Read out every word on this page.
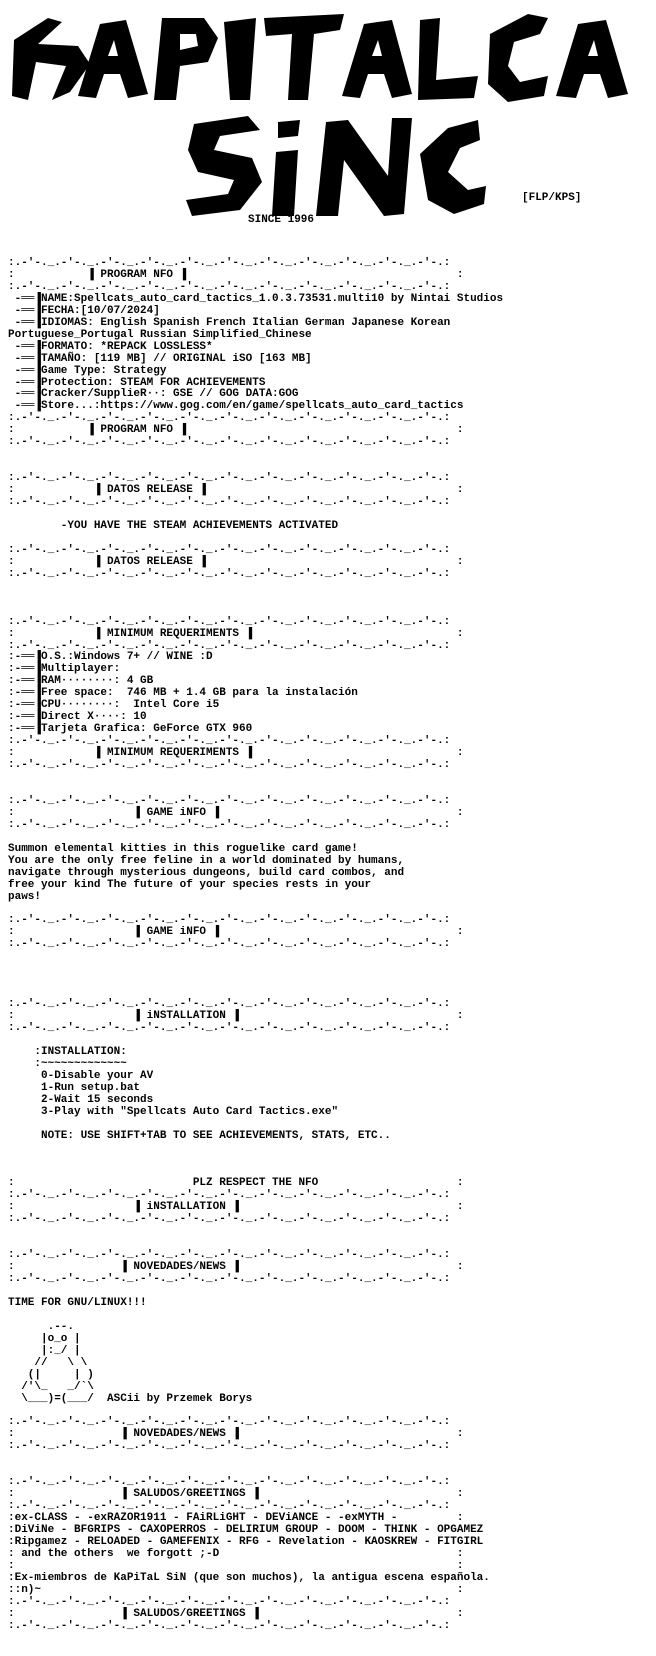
[FLP/KPS]
SINCE 1996
:.-'-._.-'-._.-'-._.-'-._.-'-._.-'-._.-'-._.-'-._.-'-._.-'-._.-'-.:
:           ▐ PROGRAM NFO ▐                                         :
:.-'-._.-'-._.-'-._.-'-._.-'-._.-'-._.-'-._.-'-._.-'-._.-'-._.-'-.:
-══▐NAME:Spellcats_auto_card_tactics_1.0.3.73531.multi10 by Nintai Studios
-══▐FECHA:[10/07/2024]
-══▐IDIOMAS: English Spanish French Italian German Japanese Korean
Portuguese_Portugal Russian Simplified_Chinese
-══▐FORMATO: *REPACK LOSSLESS*
-══▐TAMAÑO: [119 MB] // ORIGINAL iSO [163 MB]
-══▐Game Type: Strategy
-══▐Protection: STEAM FOR ACHIEVEMENTS
-══▐Cracker/SupplieR··: GSE // GOG DATA:GOG
-══▐Store...:https://www.gog.com/en/game/spellcats_auto_card_tactics
:.-'-._.-'-._.-'-._.-'-._.-'-._.-'-._.-'-._.-'-._.-'-._.-'-._.-'-.:
:           ▐ PROGRAM NFO ▐                                         :
:.-'-._.-'-._.-'-._.-'-._.-'-._.-'-._.-'-._.-'-._.-'-._.-'-._.-'-.:

:.-'-._.-'-._.-'-._.-'-._.-'-._.-'-._.-'-._.-'-._.-'-._.-'-._.-'-.:
:            ▐ DATOS RELEASE ▐                                      :
:.-'-._.-'-._.-'-._.-'-._.-'-._.-'-._.-'-._.-'-._.-'-._.-'-._.-'-.:

-YOU HAVE THE STEAM ACHIEVEMENTS ACTIVATED

:.-'-._.-'-._.-'-._.-'-._.-'-._.-'-._.-'-._.-'-._.-'-._.-'-._.-'-.:
:            ▐ DATOS RELEASE ▐                                      :
:.-'-._.-'-._.-'-._.-'-._.-'-._.-'-._.-'-._.-'-._.-'-._.-'-._.-'-.:

:.-'-._.-'-._.-'-._.-'-._.-'-._.-'-._.-'-._.-'-._.-'-._.-'-._.-'-.:
:            ▐ MINIMUM REQUERIMENTS ▐                               :
:.-'-._.-'-._.-'-._.-'-._.-'-._.-'-._.-'-._.-'-._.-'-._.-'-._.-'-.:
:-══▐O.S.:Windows 7+ // WINE :D
:-══▐Multiplayer:
:-══▐RAM········: 4 GB
:-══▐Free space:  746 MB + 1.4 GB para la instalación
:-══▐CPU········:  Intel Core i5
:-══▐Direct X····: 10
:-══▐Tarjeta Grafica: GeForce GTX 960
:.-'-._.-'-._.-'-._.-'-._.-'-._.-'-._.-'-._.-'-._.-'-._.-'-._.-'-.:
:            ▐ MINIMUM REQUERIMENTS ▐                               :
:.-'-._.-'-._.-'-._.-'-._.-'-._.-'-._.-'-._.-'-._.-'-._.-'-._.-'-.:

:.-'-._.-'-._.-'-._.-'-._.-'-._.-'-._.-'-._.-'-._.-'-._.-'-._.-'-.:
:                  ▐ GAME iNFO ▐                                    :
:.-'-._.-'-._.-'-._.-'-._.-'-._.-'-._.-'-._.-'-._.-'-._.-'-._.-'-.:

Summon elemental kitties in this roguelike card game!
You are the only free feline in a world dominated by humans,
navigate through mysterious dungeons, build card combos, and
free your kind The future of your species rests in your
paws!

:.-'-._.-'-._.-'-._.-'-._.-'-._.-'-._.-'-._.-'-._.-'-._.-'-._.-'-.:
:                  ▐ GAME iNFO ▐                                    :
:.-'-._.-'-._.-'-._.-'-._.-'-._.-'-._.-'-._.-'-._.-'-._.-'-._.-'-.:

:.-'-._.-'-._.-'-._.-'-._.-'-._.-'-._.-'-._.-'-._.-'-._.-'-._.-'-.:
:                  ▐ iNSTALLATION ▐                                 :
:.-'-._.-'-._.-'-._.-'-._.-'-._.-'-._.-'-._.-'-._.-'-._.-'-._.-'-.:

:INSTALLATION:
:~~~~~~~~~~~~~
0-Disable your AV
1-Run setup.bat
2-Wait 15 seconds
3-Play with "Spellcats Auto Card Tactics.exe"

NOTE: USE SHIFT+TAB TO SEE ACHIEVEMENTS, STATS, ETC..

:                           PLZ RESPECT THE NFO                     :
:.-'-._.-'-._.-'-._.-'-._.-'-._.-'-._.-'-._.-'-._.-'-._.-'-._.-'-.:
:                  ▐ iNSTALLATION ▐                                 :
:.-'-._.-'-._.-'-._.-'-._.-'-._.-'-._.-'-._.-'-._.-'-._.-'-._.-'-.:

:.-'-._.-'-._.-'-._.-'-._.-'-._.-'-._.-'-._.-'-._.-'-._.-'-._.-'-.:
:                ▐ NOVEDADES/NEWS ▐                                 :
:.-'-._.-'-._.-'-._.-'-._.-'-._.-'-._.-'-._.-'-._.-'-._.-'-._.-'-.:

TIME FOR GNU/LINUX!!!

.--.
|o_o |
|:_/ |
//   \ \
(|     | )
/'\_   _/`\
\___)=(___/  ASCii by Przemek Borys

:.-'-._.-'-._.-'-._.-'-._.-'-._.-'-._.-'-._.-'-._.-'-._.-'-._.-'-.:
:                ▐ NOVEDADES/NEWS ▐                                 :
:.-'-._.-'-._.-'-._.-'-._.-'-._.-'-._.-'-._.-'-._.-'-._.-'-._.-'-.:

:.-'-._.-'-._.-'-._.-'-._.-'-._.-'-._.-'-._.-'-._.-'-._.-'-._.-'-.:
:                ▐ SALUDOS/GREETINGS ▐                              :
:.-'-._.-'-._.-'-._.-'-._.-'-._.-'-._.-'-._.-'-._.-'-._.-'-._.-'-.:
:ex-CLASS - -exRAZOR1911 - FAiRLiGHT - DEViANCE - -exMYTH -         :
:DiViNe - BFGRIPS - CAXOPERROS - DELIRIUM GROUP - DOOM - THINK - OPGAMEZ
:Ripgamez - RELOADED - GAMEFENIX - RFG - Revelation - KAOSKREW - FITGIRL
: and the others  we forgott ;-D                                    :
:                                                                   :
:Ex-miembros de KaPiTaL SiN (que son muchos), la antigua escena española.
::n)~                                                               :
:.-'-._.-'-._.-'-._.-'-._.-'-._.-'-._.-'-._.-'-._.-'-._.-'-._.-'-.:
:                ▐ SALUDOS/GREETINGS ▐                              :
:.-'-._.-'-._.-'-._.-'-._.-'-._.-'-._.-'-._.-'-._.-'-._.-'-._.-'-.:
